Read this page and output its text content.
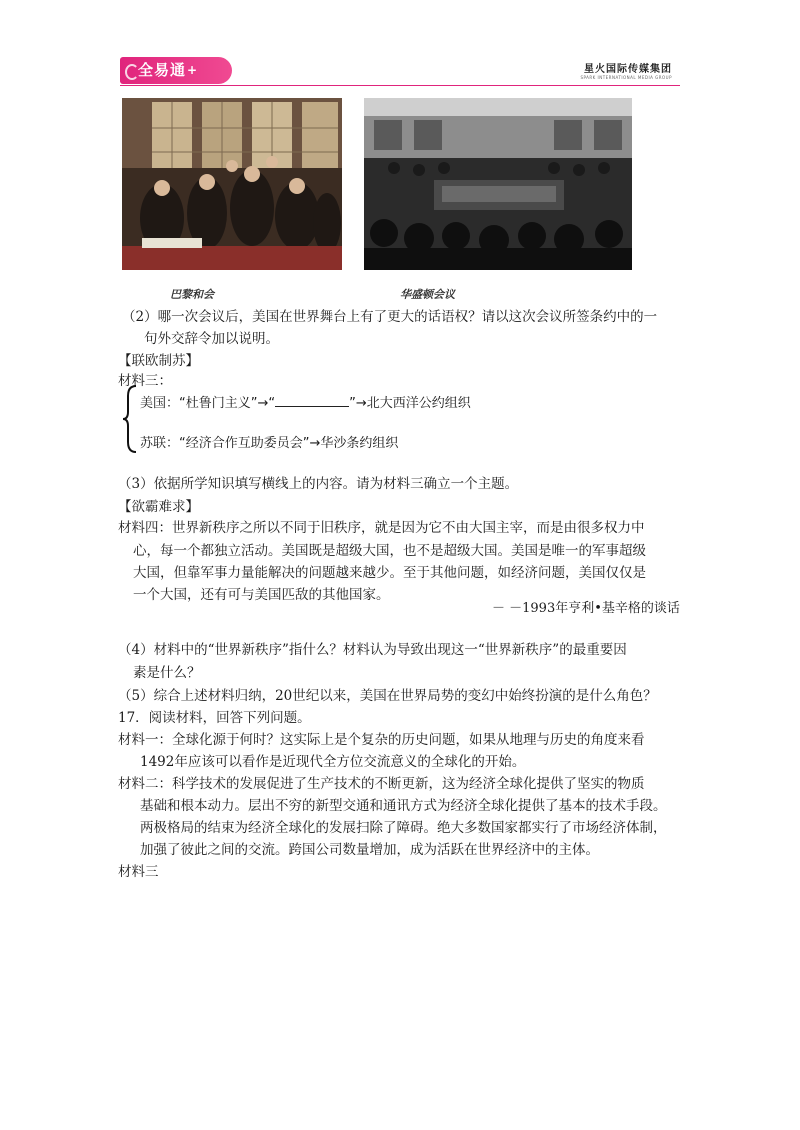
全易通+	星火国际传媒集团
SPARK INTERNATIONAL MEDIA GROUP
巴黎和会	华盛顿会议
（2）哪一次会议后，美国在世界舞台上有了更大的话语权？请以这次会议所签条约中的一
句外交辞令加以说明。
【联欧制苏】
材料三：
美国：“杜鲁门主义”→“	”→北大西洋公约组织
苏联：“经济合作互助委员会”→华沙条约组织
（3）依据所学知识填写横线上的内容。请为材料三确立一个主题。
【欲霸难求】
材料四：世界新秩序之所以不同于旧秩序，就是因为它不由大国主宰，而是由很多权力中
心，每一个都独立活动。美国既是超级大国，也不是超级大国。美国是唯一的军事超级
大国，但靠军事力量能解决的问题越来越少。至于其他问题，如经济问题，美国仅仅是
一个大国，还有可与美国匹敌的其他国家。
－ －1993年亨利•基辛格的谈话
（4）材料中的“世界新秩序”指什么？材料认为导致出现这一“世界新秩序”的最重要因
素是什么？
（5）综合上述材料归纳，20世纪以来，美国在世界局势的变幻中始终扮演的是什么角色？
17．阅读材料，回答下列问题。
材料一：全球化源于何时？这实际上是个复杂的历史问题，如果从地理与历史的角度来看
1492年应该可以看作是近现代全方位交流意义的全球化的开始。
材料二：科学技术的发展促进了生产技术的不断更新，这为经济全球化提供了坚实的物质
基础和根本动力。层出不穷的新型交通和通讯方式为经济全球化提供了基本的技术手段。
两极格局的结束为经济全球化的发展扫除了障碍。绝大多数国家都实行了市场经济体制，
加强了彼此之间的交流。跨国公司数量增加，成为活跃在世界经济中的主体。
材料三
